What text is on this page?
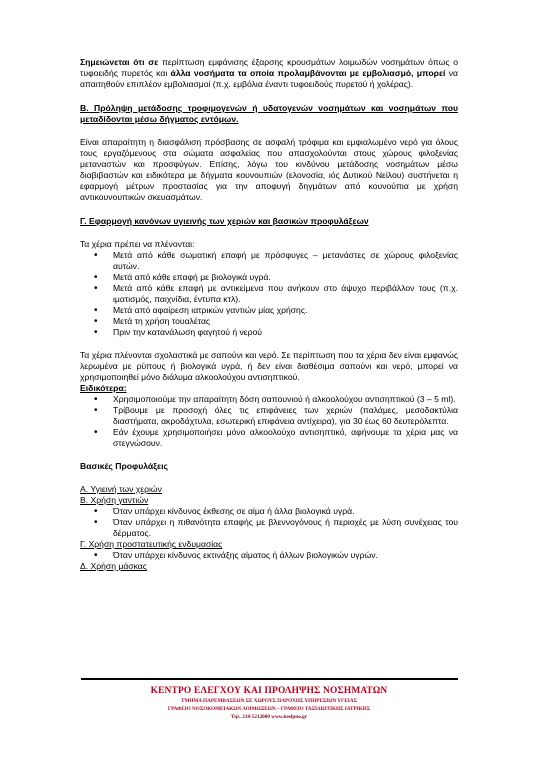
Σημειώνεται ότι σε περίπτωση εμφάνισης έξαρσης κρουσμάτων λοιμωδών νοσημάτων όπως ο τυφοειδής πυρετός και άλλα νοσήματα τα οποία προλαμβάνονται με εμβολιασμό, μπορεί να απαιτηθούν επιπλέον εμβολιασμοί (π.χ. εμβόλια έναντι τυφοειδούς πυρετού ή χολέρας).

Β. Πρόληψη μετάδοσης τροφιμογενών ή υδατογενών νοσημάτων και νοσημάτων που μεταδίδονται μέσω δήγματος εντόμων.

Είναι απαραίτητη η διασφάλιση πρόσβασης σε ασφαλή τρόφιμα και εμφιαλωμένο νερό για όλους τους εργαζόμενους στα σώματα ασφαλείας που απασχολούνται στους χώρους φιλοξενίας μεταναστών και προσφύγων. Επίσης, λόγω του κινδύνου μετάδοσης νοσημάτων μέσω διαβιβαστών και ειδικότερα με δήγματα κουνουπιών (ελονοσία, ιός Δυτικού Νείλου) συστήνεται η εφαρμογή μέτρων προστασίας για την αποφυγή δηγμάτων από κουνούπια με χρήση αντικουνουπικών σκευασμάτων.

Γ. Εφαρμογή κανόνων υγιεινής των χεριών και βασικών προφυλάξεων

Τα χέρια πρέπει να πλένονται:

• Μετά από κάθε σωματική επαφή με πρόσφυγες – μετανάστες σε χώρους φιλοξενίας αυτών.
• Μετά από κάθε επαφή με βιολογικά υγρά.
• Μετά από κάθε επαφή με αντικείμενα που ανήκουν στο άψυχο περιβάλλον τους (π.χ. ιματισμός, παιχνίδια, έντυπα κτλ).
• Μετά από αφαίρεση ιατρικών γαντιών μίας χρήσης.
• Μετά τη χρήση τουαλέτας
• Πριν την κατανάλωση φαγητού ή νερού

Τα χέρια πλένονται σχολαστικά με σαπούνι και νερό. Σε περίπτωση που τα χέρια δεν είναι εμφανώς λερωμένα με ρύπους ή βιολογικά υγρά, ή δεν είναι διαθέσιμα σαπούνι και νερό, μπορεί να χρησιμοποιηθεί μόνο διάλυμα αλκοολούχου αντισηπτικού.

Ειδικότερα:

• Χρησιμοποιούμε την απαραίτητη δόση σαπουνιού ή αλκοολούχου αντισηπτικού (3 – 5 ml).
• Τρίβουμε με προσοχή όλες τις επιφάνειες των χεριών (παλάμες, μεσοδακτύλια διαστήματα, ακροδάχτυλα, εσωτερική επιφάνεια αντίχειρα), για 30 έως 60 δευτερόλεπτα.
• Εάν έχουμε χρησιμοποιήσει μόνο αλκοολούχο αντισηπτικό, αφήνουμε τα χέρια μας να στεγνώσουν.

Βασικές Προφυλάξεις

Α. Υγιεινή των χεριών

Β. Χρήση γαντιών

• Όταν υπάρχει κίνδυνος έκθεσης σε αίμα ή άλλα βιολογικά υγρά.
• Όταν υπάρχει η πιθανότητα επαφής με βλεννογόνους ή περιοχές με λύση συνέχειας του δέρματος.

Γ. Χρήση προστατευτικής ενδυμασίας

• Όταν υπάρχει κίνδυνος εκτινάξης αίματος ή άλλων βιολογικών υγρών.

Δ. Χρήση μάσκας

ΚΕΝΤΡΟ ΕΛΕΓΧΟΥ ΚΑΙ ΠΡΟΛΗΨΗΣ ΝΟΣΗΜΑΤΩΝ
ΤΜΗΜΑ ΠΑΡΕΜΒΑΣΕΩΝ ΣΕ ΧΩΡΟΥΣ ΠΑΡΟΧΗΣ ΥΠΗΡΕΣΙΩΝ ΥΓΕΙΑΣ
ΓΡΑΦΕΙΟ ΝΟΣΟΚΟΜΕΙΑΚΩΝ ΛΟΙΜΩΞΕΩΝ – ΓΡΑΦΕΙΟ ΤΑΞΙΔΙΩΤΙΚΗΣ ΙΑΤΡΙΚΗΣ
Τηλ. 210-5212000 www.keelpno.gr
